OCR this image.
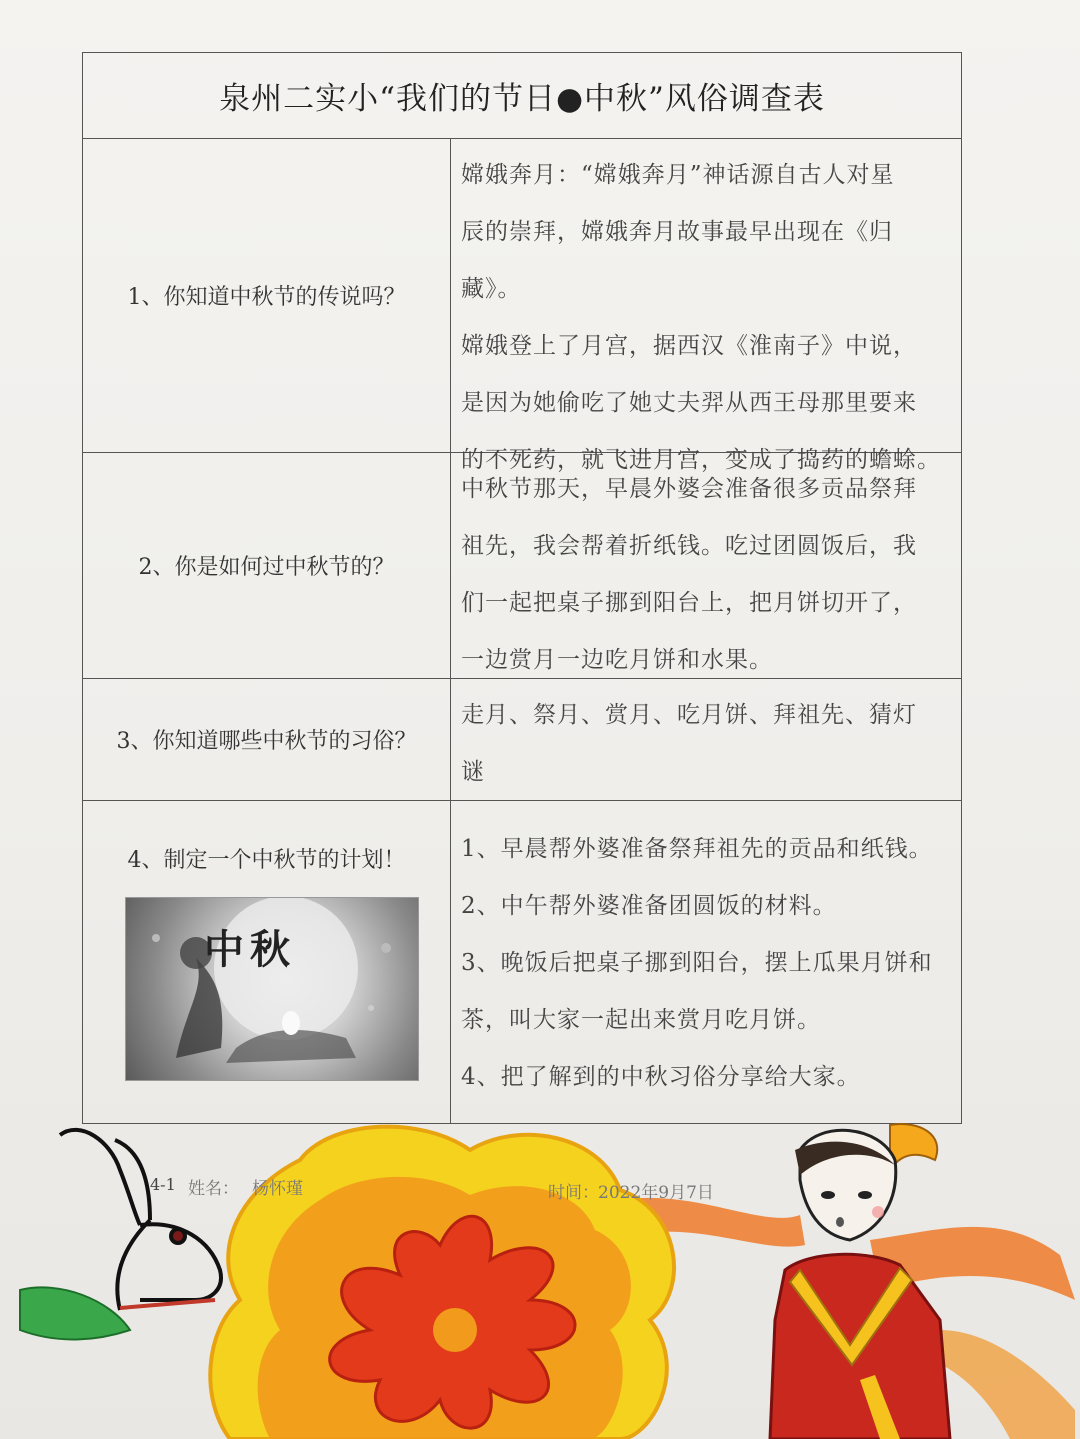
泉州二实小“我们的节日●中秋”风俗调查表
1、你知道中秋节的传说吗？
嫦娥奔月：“嫦娥奔月”神话源自古人对星
辰的崇拜，嫦娥奔月故事最早出现在《归藏》。
嫦娥登上了月宫，据西汉《淮南子》中说，
是因为她偷吃了她丈夫羿从西王母那里要来
的不死药，就飞进月宫，变成了捣药的蟾蜍。
2、你是如何过中秋节的？
中秋节那天，早晨外婆会准备很多贡品祭拜
祖先，我会帮着折纸钱。吃过团圆饭后，我
们一起把桌子挪到阳台上，把月饼切开了，
一边赏月一边吃月饼和水果。
3、你知道哪些中秋节的习俗？
走月、祭月、赏月、吃月饼、拜祖先、猜灯
谜
4、制定一个中秋节的计划！
中秋
1、早晨帮外婆准备祭拜祖先的贡品和纸钱。
2、中午帮外婆准备团圆饭的材料。
3、晚饭后把桌子挪到阳台，摆上瓜果月饼和
茶，叫大家一起出来赏月吃月饼。
4、把了解到的中秋习俗分享给大家。
4-1 姓名： 杨怀瑾	时间： 2022年9月7日
